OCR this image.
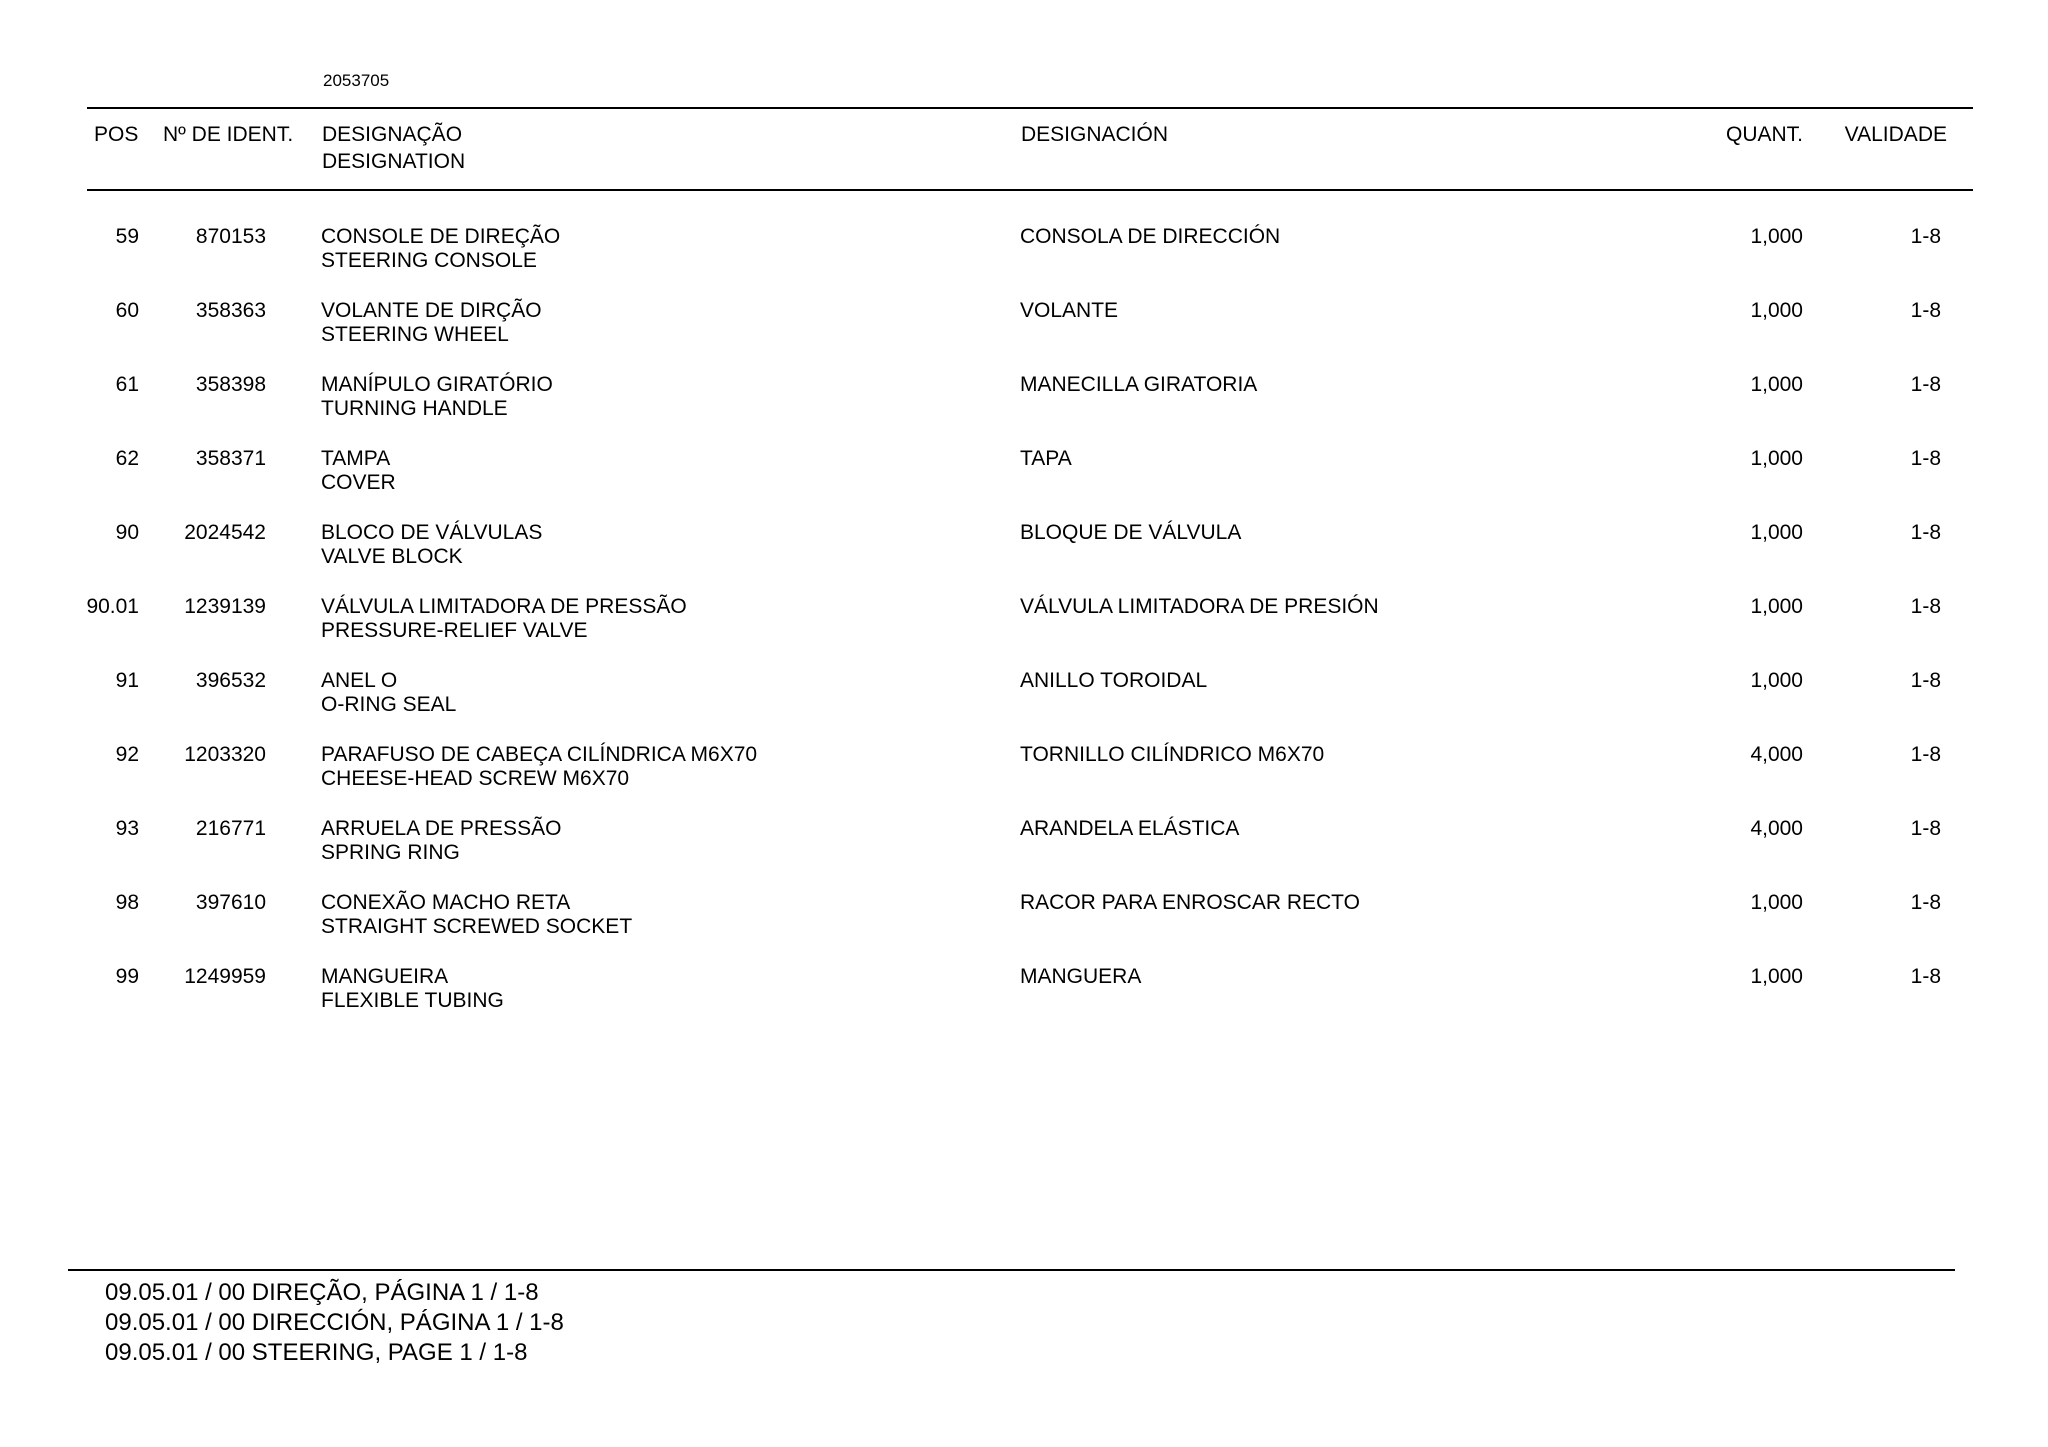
2053705
POS Nº DE IDENT. DESIGNAÇÃO
DESIGNATION
DESIGNACIÓN	QUANT.	VALIDADE
59	870153	CONSOLE DE DIREÇÃO	CONSOLA DE DIRECCIÓN	1,000	1-8
STEERING CONSOLE
60	358363	VOLANTE DE DIRÇÃO	VOLANTE	1,000	1-8
STEERING WHEEL
61	358398	MANÍPULO GIRATÓRIO	MANECILLA GIRATORIA	1,000	1-8
TURNING HANDLE
62	358371	TAMPA	TAPA	1,000	1-8
COVER
90	2024542	BLOCO DE VÁLVULAS	BLOQUE DE VÁLVULA	1,000	1-8
VALVE BLOCK
90.01	1239139	VÁLVULA LIMITADORA DE PRESSÃO	VÁLVULA LIMITADORA DE PRESIÓN	1,000	1-8
PRESSURE-RELIEF VALVE
91	396532	ANEL O	ANILLO TOROIDAL	1,000	1-8
O-RING SEAL
92	1203320	PARAFUSO DE CABEÇA CILÍNDRICA M6X70	TORNILLO CILÍNDRICO M6X70	4,000	1-8
CHEESE-HEAD SCREW M6X70
93	216771	ARRUELA DE PRESSÃO	ARANDELA ELÁSTICA	4,000	1-8
SPRING RING
98	397610	CONEXÃO MACHO RETA	RACOR PARA ENROSCAR RECTO	1,000	1-8
STRAIGHT SCREWED SOCKET
99	1249959	MANGUEIRA	MANGUERA	1,000	1-8
FLEXIBLE TUBING
09.05.01 / 00 DIREÇÃO, PÁGINA 1 / 1-8
09.05.01 / 00 DIRECCIÓN, PÁGINA 1 / 1-8
09.05.01 / 00 STEERING, PAGE 1 / 1-8
